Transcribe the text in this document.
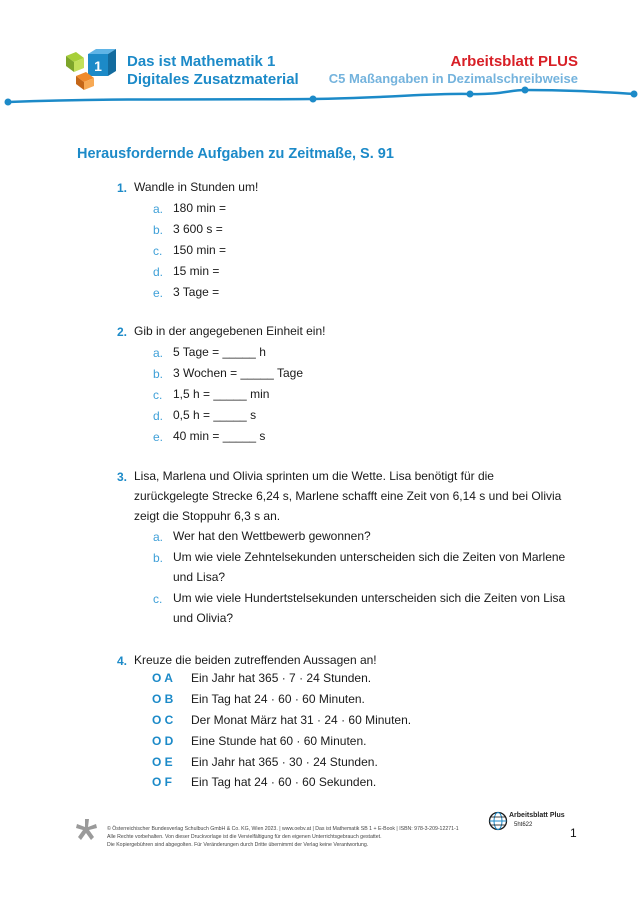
1 Das ist Mathematik 1
Digitales Zusatzmaterial
Arbeitsblatt PLUS
C5 Maßangaben in Dezimalschreibweise
Herausfordernde Aufgaben zu Zeitmaße, S. 91
1. Wandle in Stunden um!
a. 180 min =
b. 3 600 s =
c. 150 min =
d. 15 min =
e. 3 Tage =
2. Gib in der angegebenen Einheit ein!
a. 5 Tage = _____ h
b. 3 Wochen = _____ Tage
c. 1,5 h = _____ min
d. 0,5 h = _____ s
e. 40 min = _____ s
3. Lisa, Marlena und Olivia sprinten um die Wette. Lisa benötigt für die
zurückgelegte Strecke 6,24 s, Marlene schafft eine Zeit von 6,14 s und bei Olivia
zeigt die Stoppuhr 6,3 s an.
a. Wer hat den Wettbewerb gewonnen?
b. Um wie viele Zehntelsekunden unterscheiden sich die Zeiten von Marlene
und Lisa?
c. Um wie viele Hundertstelsekunden unterscheiden sich die Zeiten von Lisa
und Olivia?
4. Kreuze die beiden zutreffenden Aussagen an!
O A Ein Jahr hat 365 · 7 · 24 Stunden.
O B Ein Tag hat 24 · 60 · 60 Minuten.
O C Der Monat März hat 31 · 24 · 60 Minuten.
O D Eine Stunde hat 60 · 60 Minuten.
O E Ein Jahr hat 365 · 30 · 24 Stunden.
O F Ein Tag hat 24 · 60 · 60 Sekunden.
© Österreichischer Bundesverlag Schulbuch GmbH & Co. KG, Wien 2023. | www.oebv.at | Das ist Mathematik SB 1 + E-Book | ISBN: 978-3-209-12271-1
Alle Rechte vorbehalten. Von dieser Druckvorlage ist die Vervielfältigung für den eigenen Unterrichtsgebrauch gestattet.
Die Kopiergebühren sind abgegolten. Für Veränderungen durch Dritte übernimmt der Verlag keine Verantwortung.
Arbeitsblatt Plus
5ht622
1
